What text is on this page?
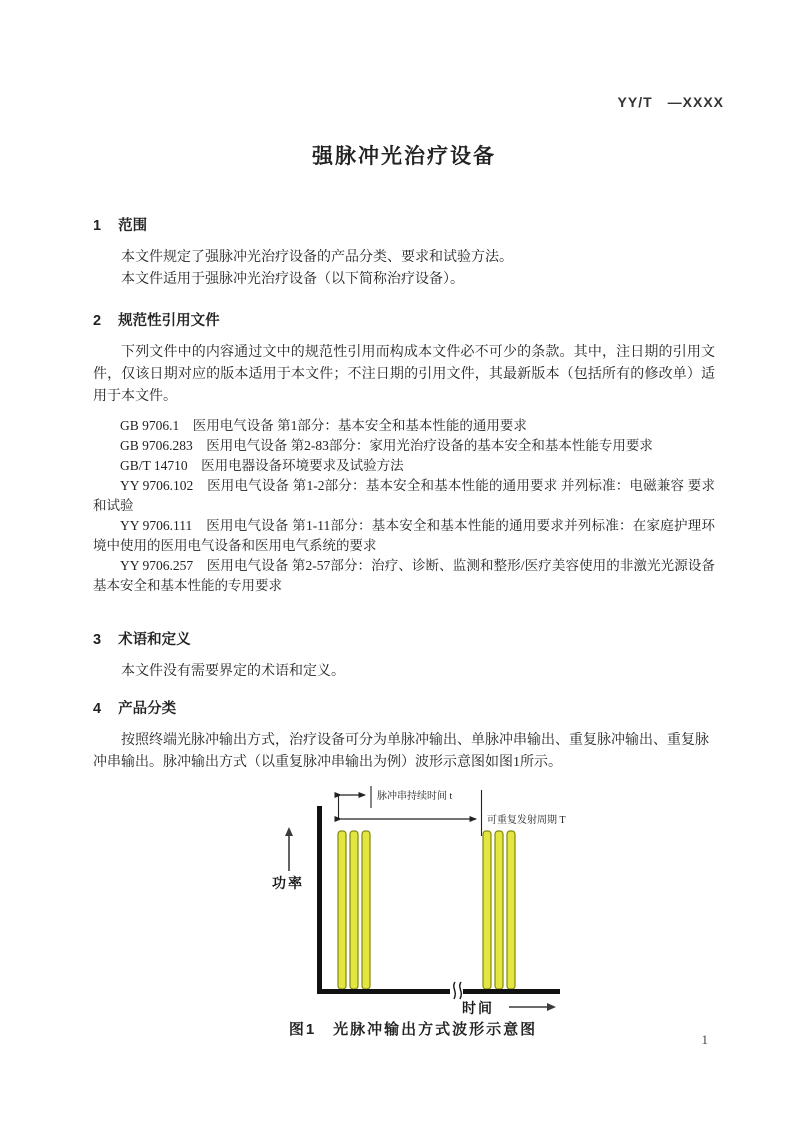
YY/T　—XXXX
强脉冲光治疗设备
1 范围

本文件规定了强脉冲光治疗设备的产品分类、要求和试验方法。

本文件适用于强脉冲光治疗设备（以下简称治疗设备）。

2 规范性引用文件

下列文件中的内容通过文中的规范性引用而构成本文件必不可少的条款。其中，注日期的引用文件，仅该日期对应的版本适用于本文件；不注日期的引用文件，其最新版本（包括所有的修改单）适用于本文件。

GB 9706.1　医用电气设备 第1部分：基本安全和基本性能的通用要求

GB 9706.283　医用电气设备 第2-83部分：家用光治疗设备的基本安全和基本性能专用要求

GB/T 14710　医用电器设备环境要求及试验方法

YY 9706.102　医用电气设备 第1-2部分：基本安全和基本性能的通用要求 并列标准：电磁兼容 要求和试验

YY 9706.111　医用电气设备 第1-11部分：基本安全和基本性能的通用要求并列标准：在家庭护理环境中使用的医用电气设备和医用电气系统的要求

YY 9706.257　医用电气设备 第2-57部分：治疗、诊断、监测和整形/医疗美容使用的非激光光源设备基本安全和基本性能的专用要求

3 术语和定义

本文件没有需要界定的术语和定义。

4 产品分类

按照终端光脉冲输出方式，治疗设备可分为单脉冲输出、单脉冲串输出、重复脉冲输出、重复脉冲串输出。脉冲输出方式（以重复脉冲串输出为例）波形示意图如图1所示。

脉冲串持续时间 t
可重复发射周期 T
功率
时间
图1　光脉冲输出方式波形示意图
1
